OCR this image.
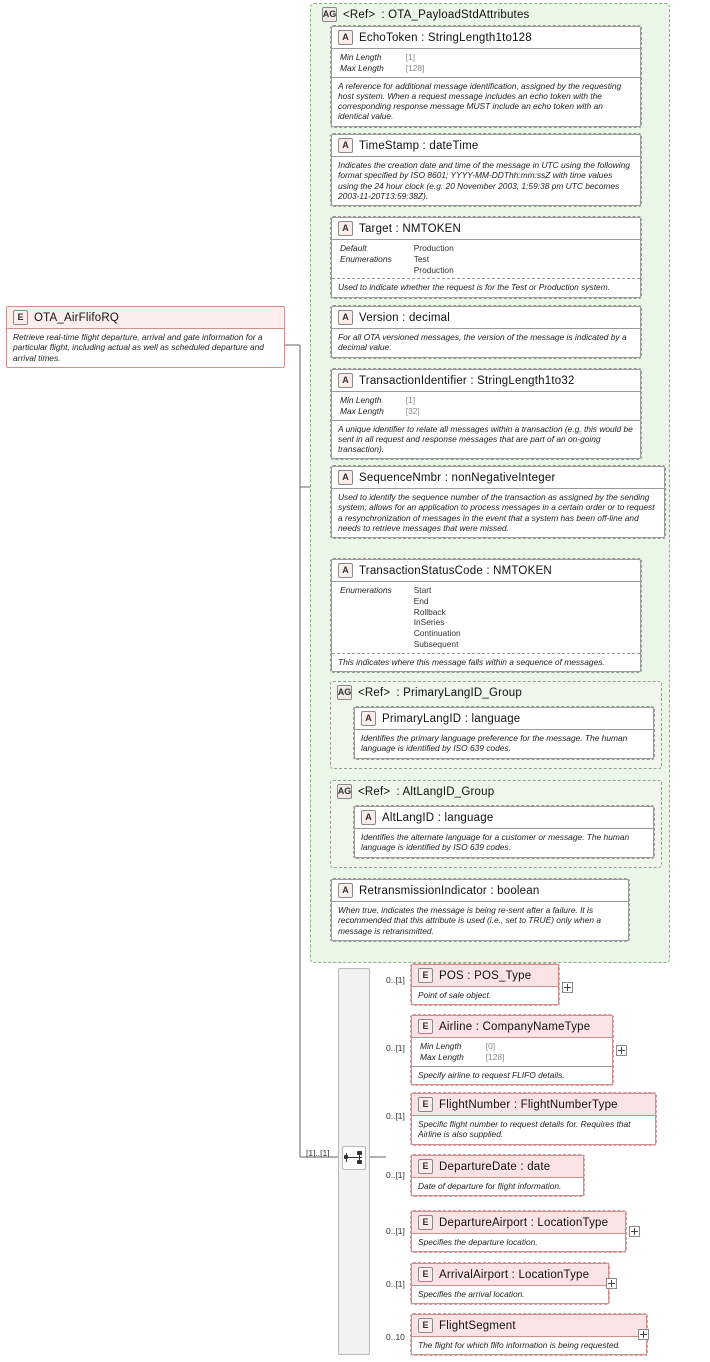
E OTA_AirFlifoRQ
Retrieve real-time flight departure, arrival and gate information for a particular flight, including actual as well as scheduled departure and arrival times.
AG <Ref> : OTA_PayloadStdAttributes
A EchoToken : StringLength1to128
Min Length	[1]
Max Length	[128]
A reference for additional message identification, assigned by the requesting host system. When a request message includes an echo token with the corresponding response message MUST include an echo token with an identical value.
A TimeStamp : dateTime
Indicates the creation date and time of the message in UTC using the following format specified by ISO 8601; YYYY-MM-DDThh:mm:ssZ with time values using the 24 hour clock (e.g. 20 November 2003, 1:59:38 pm UTC becomes 2003-11-20T13:59:38Z).
A Target : NMTOKEN
Default	Production
Enumerations	Test
	Production
Used to indicate whether the request is for the Test or Production system.
A Version : decimal
For all OTA versioned messages, the version of the message is indicated by a decimal value.
A TransactionIdentifier : StringLength1to32
Min Length	[1]
Max Length	[32]
A unique identifier to relate all messages within a transaction (e.g. this would be sent in all request and response messages that are part of an on-going transaction).
A SequenceNmbr : nonNegativeInteger
Used to identify the sequence number of the transaction as assigned by the sending system; allows for an application to process messages in a certain order or to request a resynchronization of messages in the event that a system has been off-line and needs to retrieve messages that were missed.
A TransactionStatusCode : NMTOKEN
Enumerations	Start
	End
	Rollback
	InSeries
	Continuation
	Subsequent
This indicates where this message falls within a sequence of messages.
AG <Ref> : PrimaryLangID_Group
A PrimaryLangID : language
Identifies the primary language preference for the message. The human language is identified by ISO 639 codes.
AG <Ref> : AltLangID_Group
A AltLangID : language
Identifies the alternate language for a customer or message. The human language is identified by ISO 639 codes.
A RetransmissionIndicator : boolean
When true, indicates the message is being re-sent after a failure. It is recommended that this attribute is used (i.e., set to TRUE) only when a message is retransmitted.
[1]..[1]
0..[1]	E POS : POS_Type
Point of sale object.
0..[1]
E Airline : CompanyNameType
Min Length	[0]
Max Length	[128]
Specify airline to request FLIFO details.
0..[1]
E FlightNumber : FlightNumberType
Specific flight number to request details for. Requires that Airline is also supplied.
0..[1]
E DepartureDate : date
Date of departure for flight information.
0..[1]
E DepartureAirport : LocationType
Specifies the departure location.
0..[1]
E ArrivalAirport : LocationType
Specifies the arrival location.
0..10
E FlightSegment
The flight for which flifo information is being requested.
